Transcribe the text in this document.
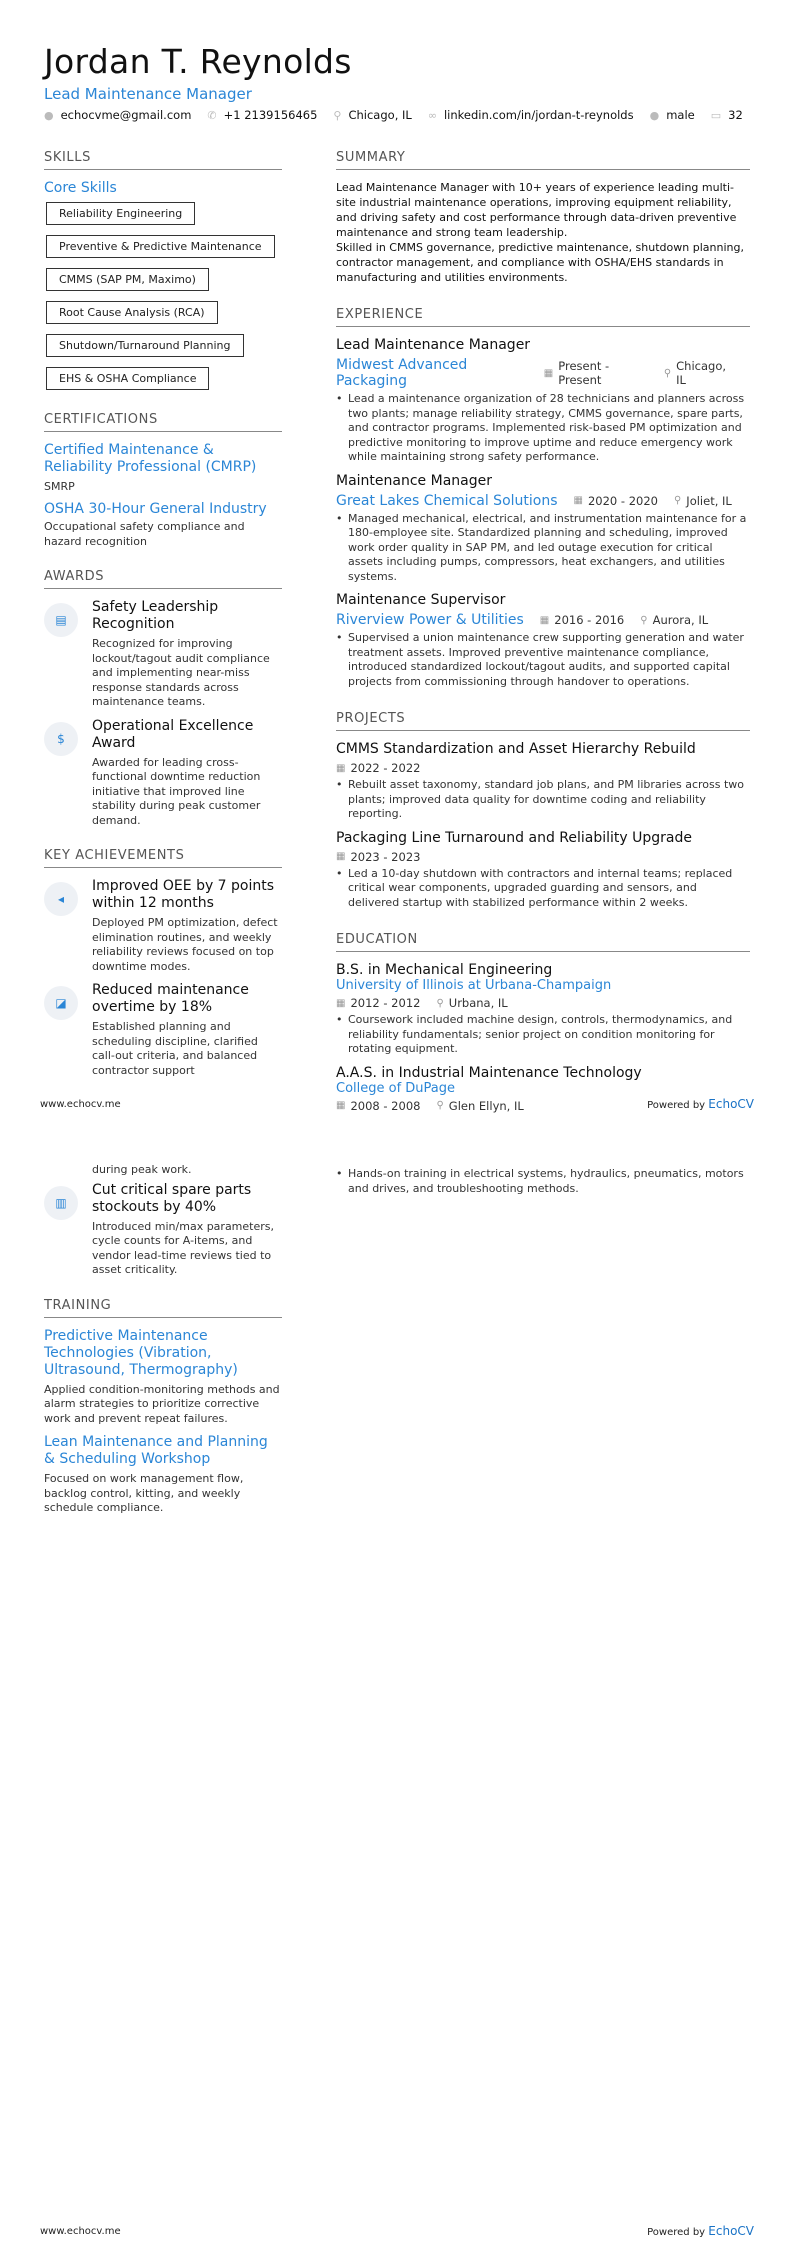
Jordan T. Reynolds
Lead Maintenance Manager
● echocvme@gmail.com ✆ +1 2139156465 ⚲ Chicago, IL ∞ linkedin.com/in/jordan-t-reynolds ● male ▭ 32
SKILLS
Core Skills
Reliability Engineering
Preventive & Predictive Maintenance
CMMS (SAP PM, Maximo)
Root Cause Analysis (RCA)
Shutdown/Turnaround Planning
EHS & OSHA Compliance
CERTIFICATIONS
Certified Maintenance & Reliability Professional (CMRP)
SMRP
OSHA 30-Hour General Industry
Occupational safety compliance and hazard recognition
AWARDS
▤
Safety Leadership Recognition
Recognized for improving lockout/tagout audit compliance and implementing near-miss response standards across maintenance teams.
$
Operational Excellence Award
Awarded for leading cross-functional downtime reduction initiative that improved line stability during peak customer demand.
KEY ACHIEVEMENTS
◂
Improved OEE by 7 points within 12 months
Deployed PM optimization, defect elimination routines, and weekly reliability reviews focused on top downtime modes.
◪
Reduced maintenance overtime by 18%
Established planning and scheduling discipline, clarified call-out criteria, and balanced contractor support
SUMMARY
Lead Maintenance Manager with 10+ years of experience leading multi-site industrial maintenance operations, improving equipment reliability, and driving safety and cost performance through data-driven preventive maintenance and strong team leadership.
Skilled in CMMS governance, predictive maintenance, shutdown planning, contractor management, and compliance with OSHA/EHS standards in manufacturing and utilities environments.
EXPERIENCE
Lead Maintenance Manager
Midwest Advanced Packaging	▦ Present - Present	⚲ Chicago, IL
• Lead a maintenance organization of 28 technicians and planners across two plants; manage reliability strategy, CMMS governance, spare parts, and contractor programs. Implemented risk-based PM optimization and predictive monitoring to improve uptime and reduce emergency work while maintaining strong safety performance.
Maintenance Manager
Great Lakes Chemical Solutions ▦ 2020 - 2020 ⚲ Joliet, IL
• Managed mechanical, electrical, and instrumentation maintenance for a 180-employee site. Standardized planning and scheduling, improved work order quality in SAP PM, and led outage execution for critical assets including pumps, compressors, heat exchangers, and utilities systems.
Maintenance Supervisor
Riverview Power & Utilities ▦ 2016 - 2016 ⚲ Aurora, IL
• Supervised a union maintenance crew supporting generation and water treatment assets. Improved preventive maintenance compliance, introduced standardized lockout/tagout audits, and supported capital projects from commissioning through handover to operations.
PROJECTS
CMMS Standardization and Asset Hierarchy Rebuild
▦ 2022 - 2022
• Rebuilt asset taxonomy, standard job plans, and PM libraries across two plants; improved data quality for downtime coding and reliability reporting.
Packaging Line Turnaround and Reliability Upgrade
▦ 2023 - 2023
• Led a 10-day shutdown with contractors and internal teams; replaced critical wear components, upgraded guarding and sensors, and delivered startup with stabilized performance within 2 weeks.
EDUCATION
B.S. in Mechanical Engineering
University of Illinois at Urbana-Champaign
▦ 2012 - 2012 ⚲ Urbana, IL
• Coursework included machine design, controls, thermodynamics, and reliability fundamentals; senior project on condition monitoring for rotating equipment.
A.A.S. in Industrial Maintenance Technology
College of DuPage
▦ 2008 - 2008 ⚲ Glen Ellyn, IL
www.echocv.me	Powered by EchoCV
during peak work.
▥
Cut critical spare parts stockouts by 40%
Introduced min/max parameters, cycle counts for A-items, and vendor lead-time reviews tied to asset criticality.
TRAINING
Predictive Maintenance Technologies (Vibration, Ultrasound, Thermography)
Applied condition-monitoring methods and alarm strategies to prioritize corrective work and prevent repeat failures.
Lean Maintenance and Planning & Scheduling Workshop
Focused on work management flow, backlog control, kitting, and weekly schedule compliance.
• Hands-on training in electrical systems, hydraulics, pneumatics, motors and drives, and troubleshooting methods.
www.echocv.me	Powered by EchoCV
